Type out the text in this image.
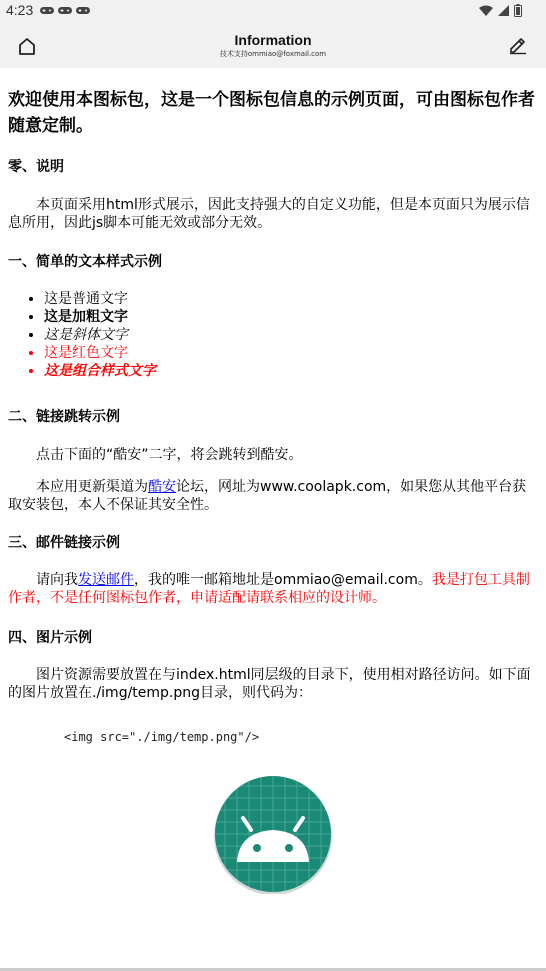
4:23
Information
技术支持ommiao@foxmail.com
欢迎使用本图标包，这是一个图标包信息的示例页面，可由图标包作者随意定制。
零、说明

本页面采用html形式展示，因此支持强大的自定义功能，但是本页面只为展示信息所用，因此js脚本可能无效或部分无效。

一、简单的文本样式示例
• 这是普通文字
• 这是加粗文字
• 这是斜体文字
• 这是红色文字
• 这是组合样式文字
二、链接跳转示例

点击下面的“酷安”二字，将会跳转到酷安。

本应用更新渠道为酷安论坛，网址为www.coolapk.com，如果您从其他平台获取安装包，本人不保证其安全性。

三、邮件链接示例

请向我发送邮件，我的唯一邮箱地址是ommiao@email.com。我是打包工具制作者，不是任何图标包作者，申请适配请联系相应的设计师。

四、图片示例

图片资源需要放置在与index.html同层级的目录下，使用相对路径访问。如下面的图片放置在./img/temp.png目录，则代码为：

<img src="./img/temp.png"/>
